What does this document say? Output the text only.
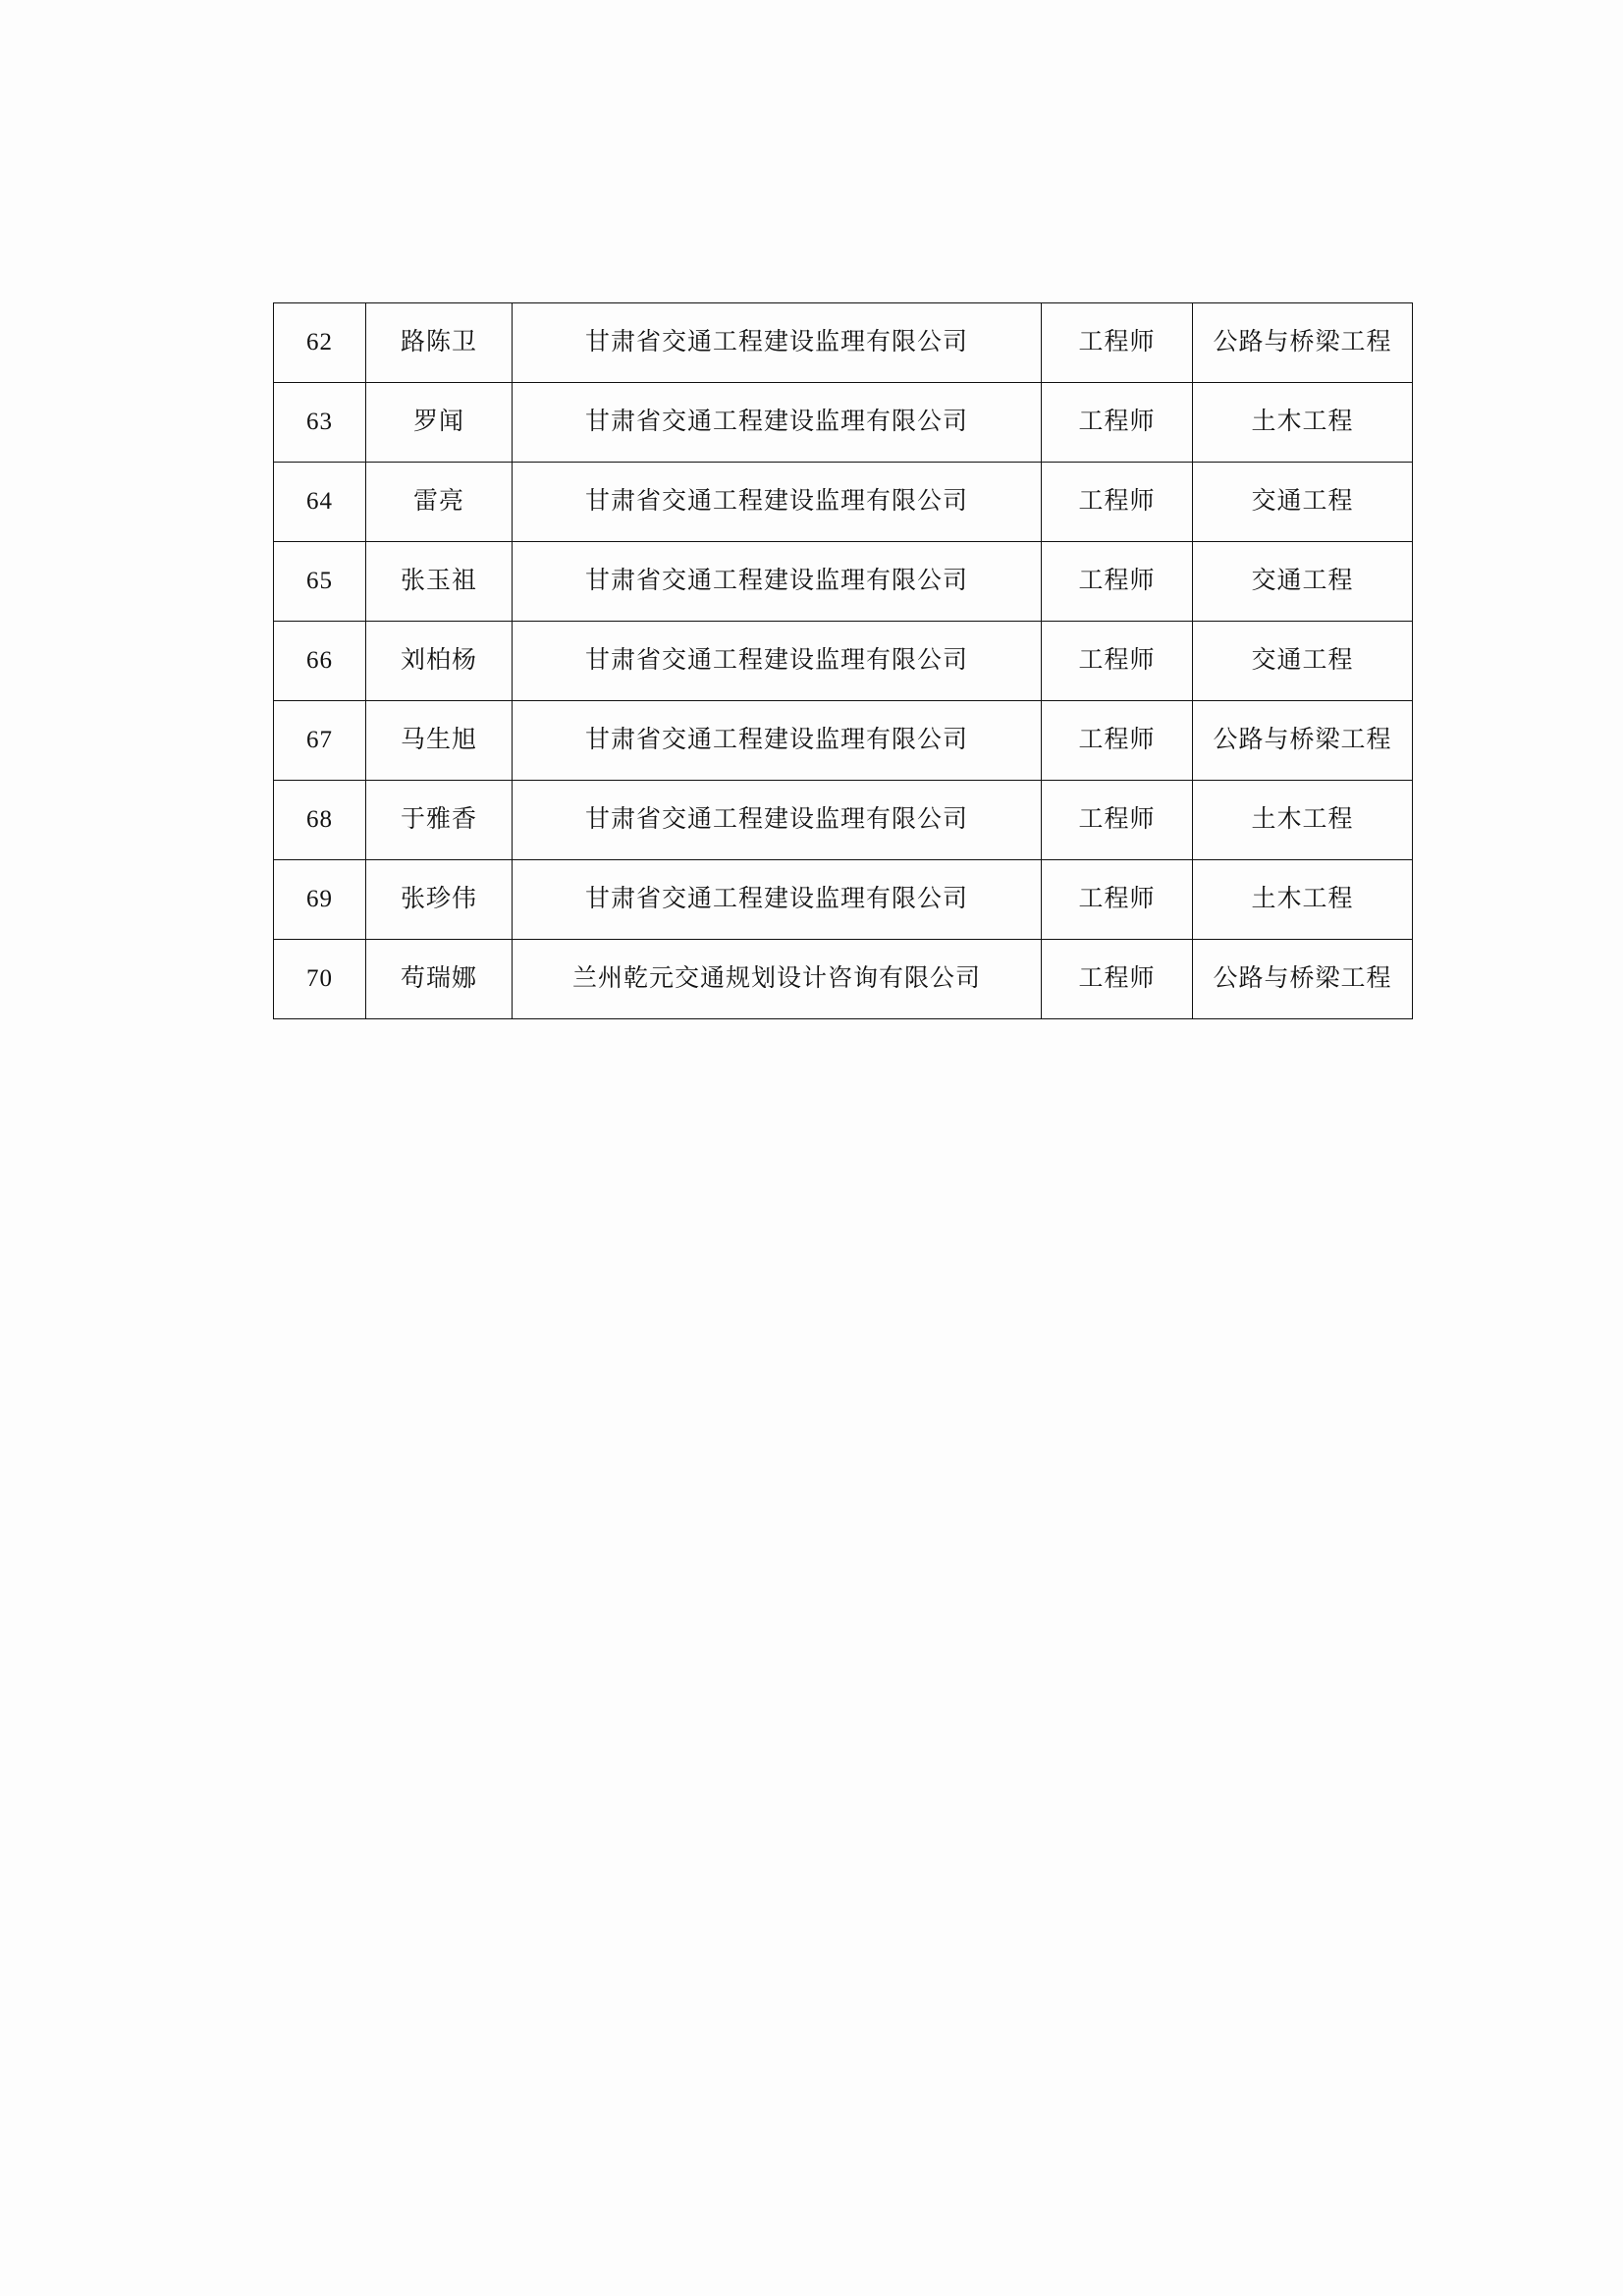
62	路陈卫	甘肃省交通工程建设监理有限公司	工程师	公路与桥梁工程
63	罗闻	甘肃省交通工程建设监理有限公司	工程师	土木工程
64	雷亮	甘肃省交通工程建设监理有限公司	工程师	交通工程
65	张玉祖	甘肃省交通工程建设监理有限公司	工程师	交通工程
66	刘柏杨	甘肃省交通工程建设监理有限公司	工程师	交通工程
67	马生旭	甘肃省交通工程建设监理有限公司	工程师	公路与桥梁工程
68	于雅香	甘肃省交通工程建设监理有限公司	工程师	土木工程
69	张珍伟	甘肃省交通工程建设监理有限公司	工程师	土木工程
70	苟瑞娜	兰州乾元交通规划设计咨询有限公司	工程师	公路与桥梁工程
